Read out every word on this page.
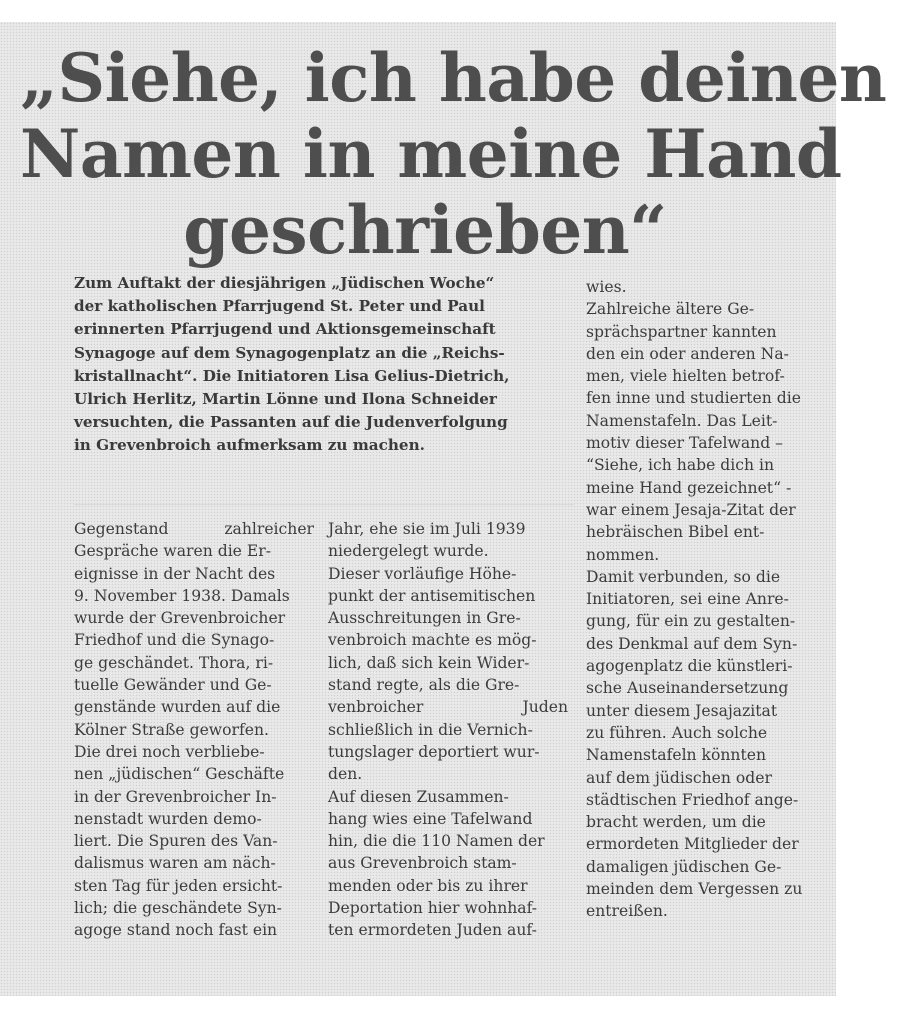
„Siehe, ich habe deinen
Namen in meine Hand
geschrieben“
Zum Auftakt der diesjährigen „Jüdischen Woche“
der katholischen Pfarrjugend St. Peter und Paul
erinnerten Pfarrjugend und Aktionsgemeinschaft
Synagoge auf dem Synagogenplatz an die „Reichs-
kristallnacht“. Die Initiatoren Lisa Gelius-Dietrich,
Ulrich Herlitz, Martin Lönne und Ilona Schneider
versuchten, die Passanten auf die Judenverfolgung
in Grevenbroich aufmerksam zu machen.
Gegenstand	zahlreicher
Gespräche waren die Er-
eignisse in der Nacht des
9. November 1938. Damals
wurde der Grevenbroicher
Friedhof und die Synago-
ge geschändet. Thora, ri-
tuelle Gewänder und Ge-
genstände wurden auf die
Kölner Straße geworfen.
Die drei noch verbliebe-
nen „jüdischen“ Geschäfte
in der Grevenbroicher In-
nenstadt wurden demo-
liert. Die Spuren des Van-
dalismus waren am näch-
sten Tag für jeden ersicht-
lich; die geschändete Syn-
agoge stand noch fast ein
Jahr, ehe sie im Juli 1939
niedergelegt wurde.
Dieser vorläufige Höhe-
punkt der antisemitischen
Ausschreitungen in Gre-
venbroich machte es mög-
lich, daß sich kein Wider-
stand regte, als die Gre-
venbroicher	Juden
schließlich in die Vernich-
tungslager deportiert wur-
den.
Auf diesen Zusammen-
hang wies eine Tafelwand
hin, die die 110 Namen der
aus Grevenbroich stam-
menden oder bis zu ihrer
Deportation hier wohnhaf-
ten ermordeten Juden auf-
wies.
Zahlreiche ältere Ge-
sprächspartner kannten
den ein oder anderen Na-
men, viele hielten betrof-
fen inne und studierten die
Namenstafeln. Das Leit-
motiv dieser Tafelwand –
“Siehe, ich habe dich in
meine Hand gezeichnet“ -
war einem Jesaja-Zitat der
hebräischen Bibel ent-
nommen.
Damit verbunden, so die
Initiatoren, sei eine Anre-
gung, für ein zu gestalten-
des Denkmal auf dem Syn-
agogenplatz die künstleri-
sche Auseinandersetzung
unter diesem Jesajazitat
zu führen. Auch solche
Namenstafeln könnten
auf dem jüdischen oder
städtischen Friedhof ange-
bracht werden, um die
ermordeten Mitglieder der
damaligen jüdischen Ge-
meinden dem Vergessen zu
entreißen.
